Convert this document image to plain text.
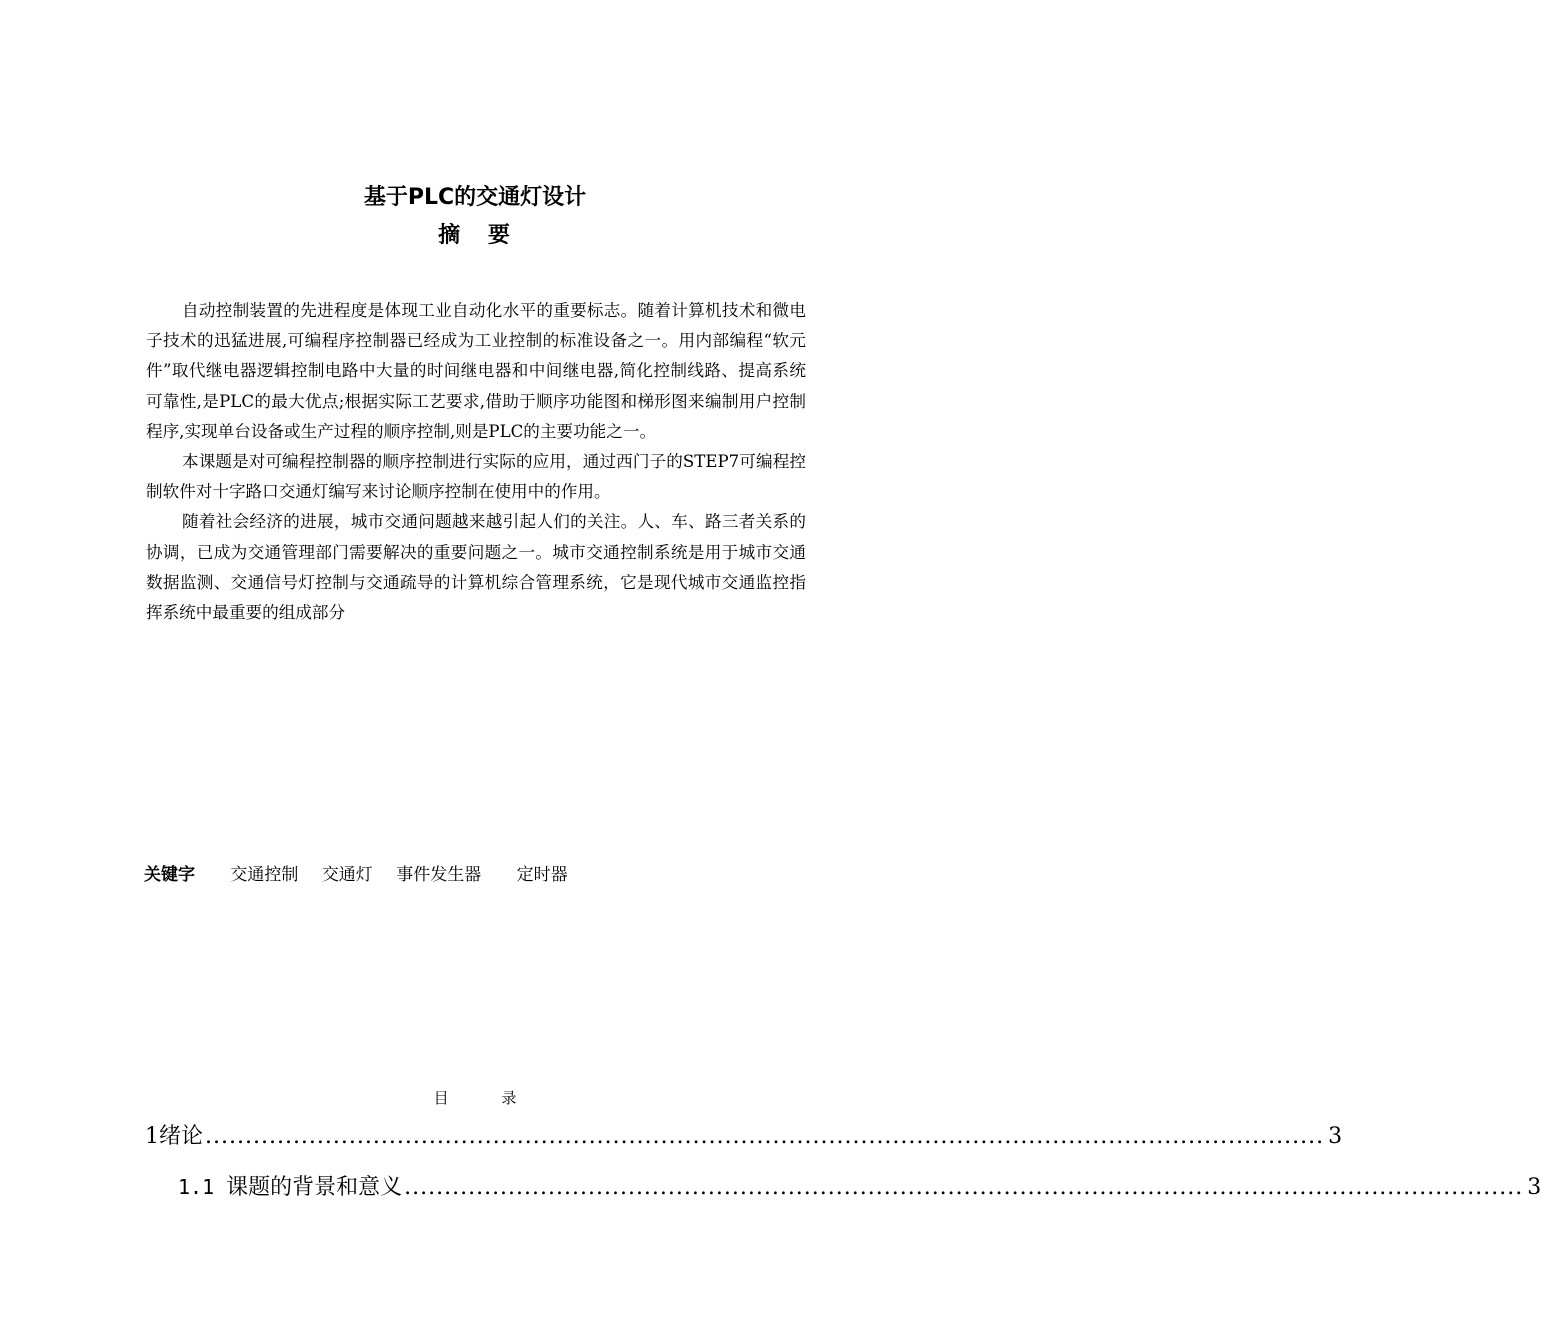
基于PLC的交通灯设计
摘 要

自动控制装置的先进程度是体现工业自动化水平的重要标志。随着计算机技术和微电子技术的迅猛进展,可编程序控制器已经成为工业控制的标准设备之一。用内部编程“软元件”取代继电器逻辑控制电路中大量的时间继电器和中间继电器,简化控制线路、提高系统可靠性,是PLC的最大优点;根据实际工艺要求,借助于顺序功能图和梯形图来编制用户控制程序,实现单台设备或生产过程的顺序控制,则是PLC的主要功能之一。

本课题是对可编程控制器的顺序控制进行实际的应用，通过西门子的STEP7可编程控制软件对十字路口交通灯编写来讨论顺序控制在使用中的作用。

随着社会经济的进展，城市交通问题越来越引起人们的关注。人、车、路三者关系的协调，已成为交通管理部门需要解决的重要问题之一。城市交通控制系统是用于城市交通数据监测、交通信号灯控制与交通疏导的计算机综合管理系统，它是现代城市交通监控指挥系统中最重要的组成部分

关键字 交通控制 交通灯 事件发生器 定时器
目 录
1 绪论 ............................................................................................................................................ 3
1.1 课题的背景和意义 ............................................................................................................................................ 3
